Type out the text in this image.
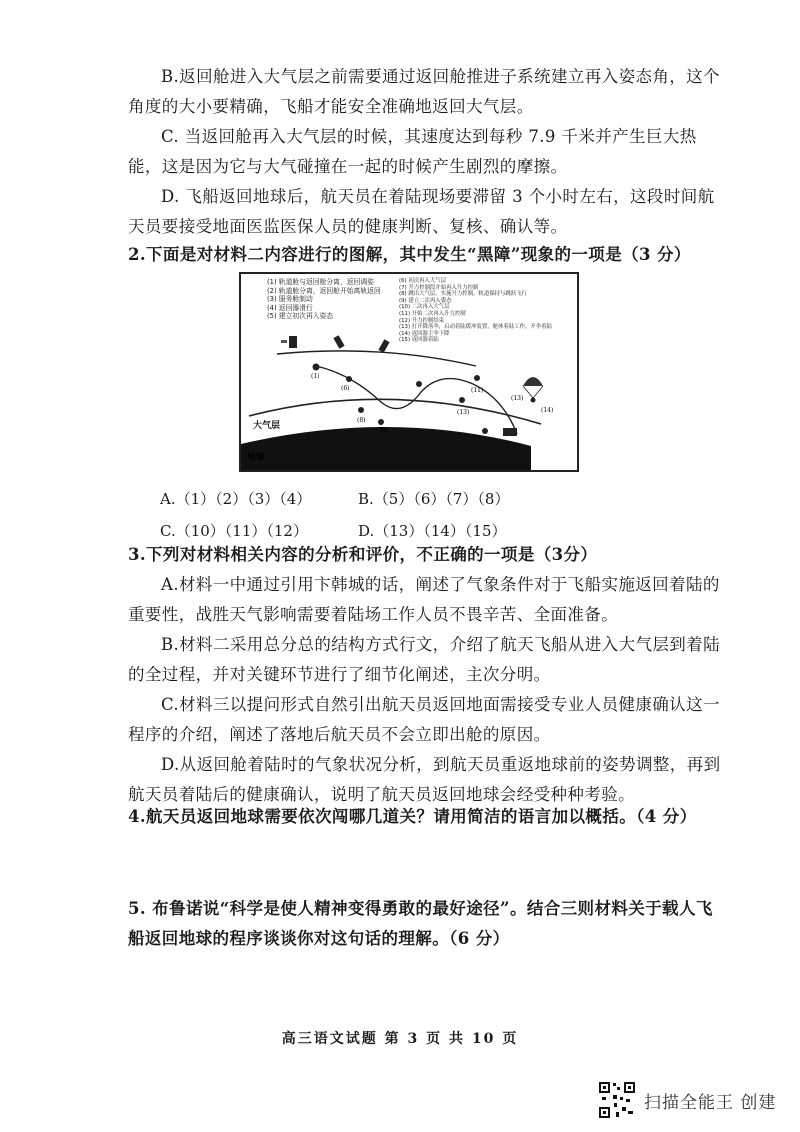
B.返回舱进入大气层之前需要通过返回舱推进子系统建立再入姿态角，这个角度的大小要精确，飞船才能安全准确地返回大气层。
C. 当返回舱再入大气层的时候，其速度达到每秒 7.9 千米并产生巨大热能，这是因为它与大气碰撞在一起的时候产生剧烈的摩擦。
D. 飞船返回地球后，航天员在着陆现场要滞留 3 个小时左右，这段时间航天员要接受地面医监医保人员的健康判断、复核、确认等。
2.下面是对材料二内容进行的图解，其中发生“黑障”现象的一项是（3 分）
(1) 轨道舱与返回舱分离，返回调姿
(2) 轨道舱分离，返回舱开始离轨返回
(3) 服务舱制动
(4) 返回器滑行
(5) 建立初次再入姿态
(6) 初次再入大气层
(7) 升力控制段开始再入升力控制
(8) 跳出大气层，实施升力控制，轨道保持与跳跃飞行
(9) 建立二次再入姿态
(10) 二次再入大气层
(11) 开始二次再入升力控制
(12) 升力控制结束
(13) 打开降落伞，启动着陆缓冲装置，舱体着陆工作，开伞着陆
(14) 返回器主伞下降
(15) 返回器着陆
(1)
(6)
(8)
(9)
(13)
(11)
(13)
(14)
大气层
地球
A.（1）（2）（3）（4）	B.（5）（6）（7）（8）
C.（10）（11）（12）	D.（13）（14）（15）
3.下列对材料相关内容的分析和评价，不正确的一项是（3分）
A.材料一中通过引用卞韩城的话，阐述了气象条件对于飞船实施返回着陆的重要性，战胜天气影响需要着陆场工作人员不畏辛苦、全面准备。
B.材料二采用总分总的结构方式行文，介绍了航天飞船从进入大气层到着陆的全过程，并对关键环节进行了细节化阐述，主次分明。
C.材料三以提问形式自然引出航天员返回地面需接受专业人员健康确认这一程序的介绍，阐述了落地后航天员不会立即出舱的原因。
D.从返回舱着陆时的气象状况分析，到航天员重返地球前的姿势调整，再到航天员着陆后的健康确认，说明了航天员返回地球会经受种种考验。
4.航天员返回地球需要依次闯哪几道关？请用简洁的语言加以概括。（4 分）
5. 布鲁诺说“科学是使人精神变得勇敢的最好途径”。结合三则材料关于载人飞船返回地球的程序谈谈你对这句话的理解。（6 分）
高三语文试题 第 3 页 共 10 页
扫描全能王 创建
